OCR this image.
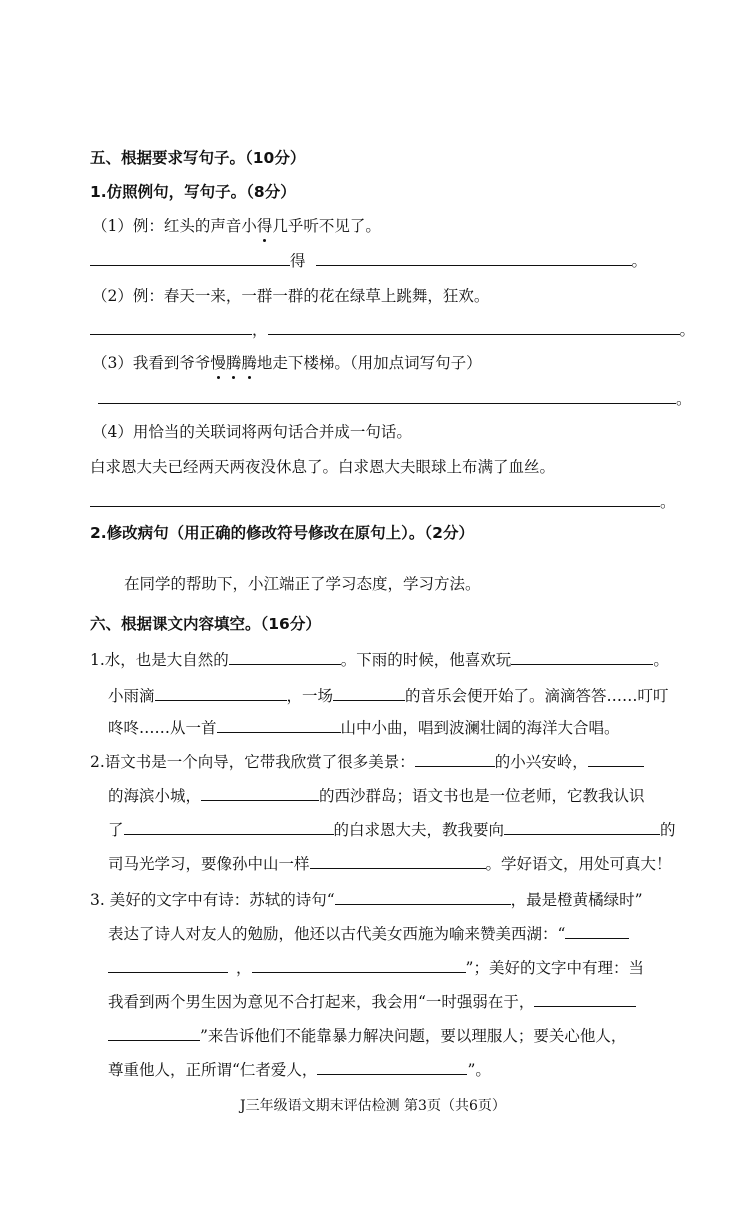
五、根据要求写句子。（10分）
1.仿照例句，写句子。（8分）
（1）例：红头的声音小得几乎听不见了。
得	。
（2）例：春天一来，一群一群的花在绿草上跳舞，狂欢。
，	。
（3）我看到爷爷慢腾腾地走下楼梯。（用加点词写句子）
。
（4）用恰当的关联词将两句话合并成一句话。
白求恩大夫已经两天两夜没休息了。白求恩大夫眼球上布满了血丝。
。
2.修改病句（用正确的修改符号修改在原句上）。（2分）
在同学的帮助下，小江端正了学习态度，学习方法。
六、根据课文内容填空。（16分）
1.水，也是大自然的	。下雨的时候，他喜欢玩	。
小雨滴	，一场	的音乐会便开始了。滴滴答答……叮叮
咚咚……从一首	山中小曲，唱到波澜壮阔的海洋大合唱。
2.语文书是一个向导，它带我欣赏了很多美景：	的小兴安岭，
的海滨小城，	的西沙群岛；语文书也是一位老师，它教我认识
了	的白求恩大夫，教我要向	的
司马光学习，要像孙中山一样	。学好语文，用处可真大！
3. 美好的文字中有诗：苏轼的诗句“	，最是橙黄橘绿时”
表达了诗人对友人的勉励，他还以古代美女西施为喻来赞美西湖：“
，	”；美好的文字中有理：当
我看到两个男生因为意见不合打起来，我会用“一时强弱在于，
”来告诉他们不能靠暴力解决问题，要以理服人；要关心他人，
尊重他人，正所谓“仁者爱人，	”。
J三年级语文期末评估检测 第3页（共6页）
